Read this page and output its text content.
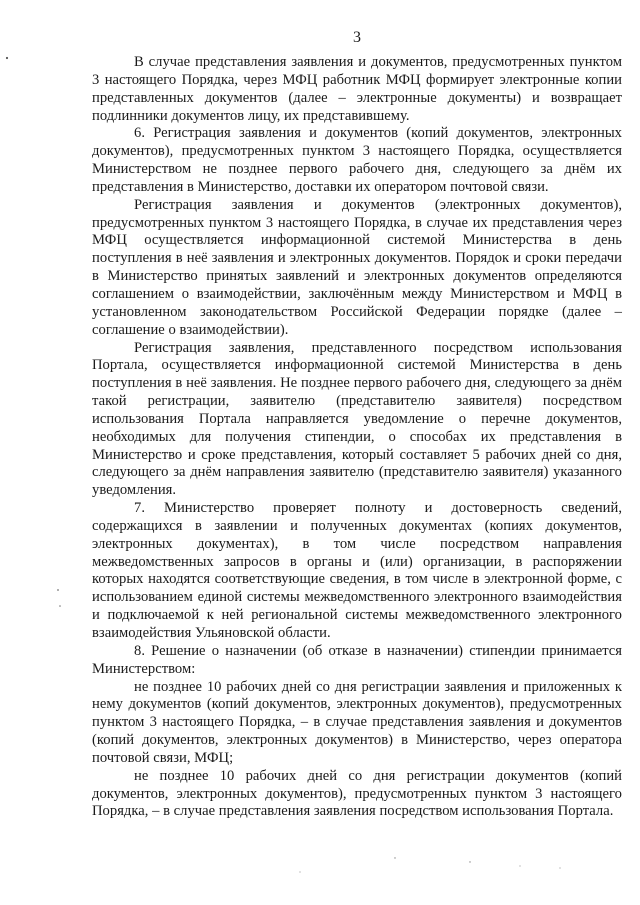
3

В случае представления заявления и документов, предусмотренных пунктом 3 настоящего Порядка, через МФЦ работник МФЦ формирует электронные копии представленных документов (далее – электронные документы) и возвращает подлинники документов лицу, их представившему.

6. Регистрация заявления и документов (копий документов, электронных документов), предусмотренных пунктом 3 настоящего Порядка, осуществляется Министерством не позднее первого рабочего дня, следующего за днём их представления в Министерство, доставки их оператором почтовой связи.

Регистрация заявления и документов (электронных документов), предусмотренных пунктом 3 настоящего Порядка, в случае их представления через МФЦ осуществляется информационной системой Министерства в день поступления в неё заявления и электронных документов. Порядок и сроки передачи в Министерство принятых заявлений и электронных документов определяются соглашением о взаимодействии, заключённым между Министерством и МФЦ в установленном законодательством Российской Федерации порядке (далее – соглашение о взаимодействии).

Регистрация заявления, представленного посредством использования Портала, осуществляется информационной системой Министерства в день поступления в неё заявления. Не позднее первого рабочего дня, следующего за днём такой регистрации, заявителю (представителю заявителя) посредством использования Портала направляется уведомление о перечне документов, необходимых для получения стипендии, о способах их представления в Министерство и сроке представления, который составляет 5 рабочих дней со дня, следующего за днём направления заявителю (представителю заявителя) указанного уведомления.

7. Министерство проверяет полноту и достоверность сведений, содержащихся в заявлении и полученных документах (копиях документов, электронных документах), в том числе посредством направления межведомственных запросов в органы и (или) организации, в распоряжении которых находятся соответствующие сведения, в том числе в электронной форме, с использованием единой системы межведомственного электронного взаимодействия и подключаемой к ней региональной системы межведомственного электронного взаимодействия Ульяновской области.

8. Решение о назначении (об отказе в назначении) стипендии принимается Министерством:

не позднее 10 рабочих дней со дня регистрации заявления и приложенных к нему документов (копий документов, электронных документов), предусмотренных пунктом 3 настоящего Порядка, – в случае представления заявления и документов (копий документов, электронных документов) в Министерство, через оператора почтовой связи, МФЦ;

не позднее 10 рабочих дней со дня регистрации документов (копий документов, электронных документов), предусмотренных пунктом 3 настоящего Порядка, – в случае представления заявления посредством использования Портала.
